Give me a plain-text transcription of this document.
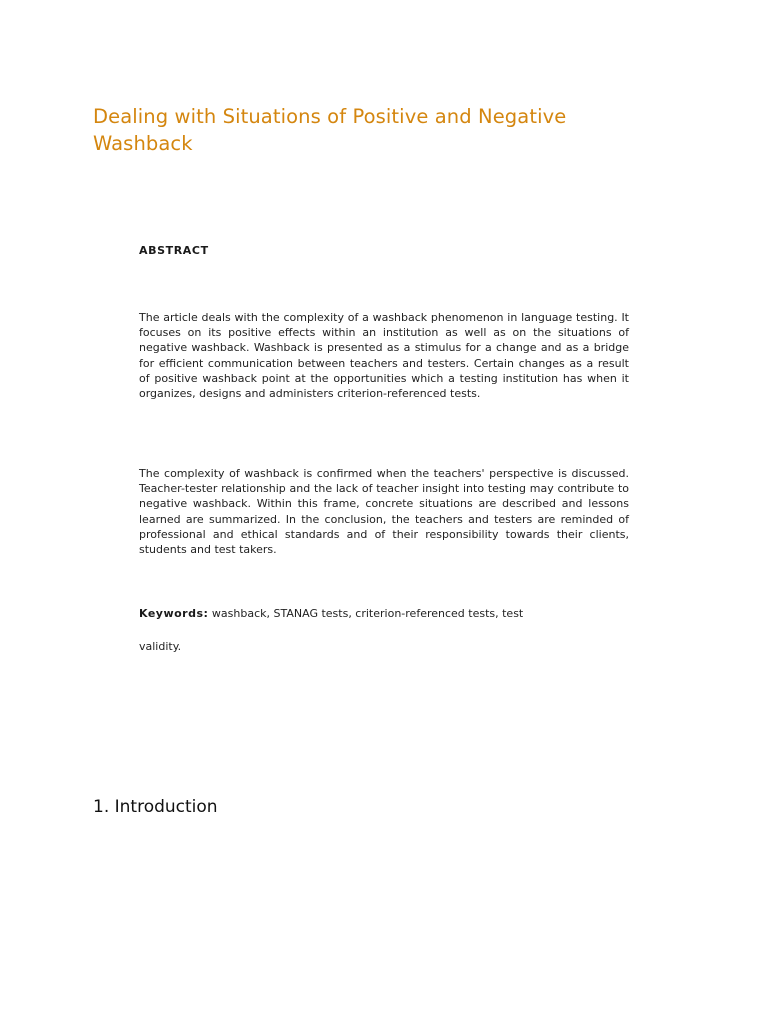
Dealing with Situations of Positive and Negative Washback
ABSTRACT

The article deals with the complexity of a washback phenomenon in language testing. It focuses on its positive effects within an institution as well as on the situations of negative washback. Washback is presented as a stimulus for a change and as a bridge for efficient communication between teachers and testers. Certain changes as a result of positive washback point at the opportunities which a testing institution has when it organizes, designs and administers criterion-referenced tests.

The complexity of washback is confirmed when the teachers' perspective is discussed. Teacher-tester relationship and the lack of teacher insight into testing may contribute to negative washback. Within this frame, concrete situations are described and lessons learned are summarized. In the conclusion, the teachers and testers are reminded of professional and ethical standards and of their responsibility towards their clients, students and test takers.

Keywords: washback, STANAG tests, criterion-referenced tests, test
validity.
1. Introduction
